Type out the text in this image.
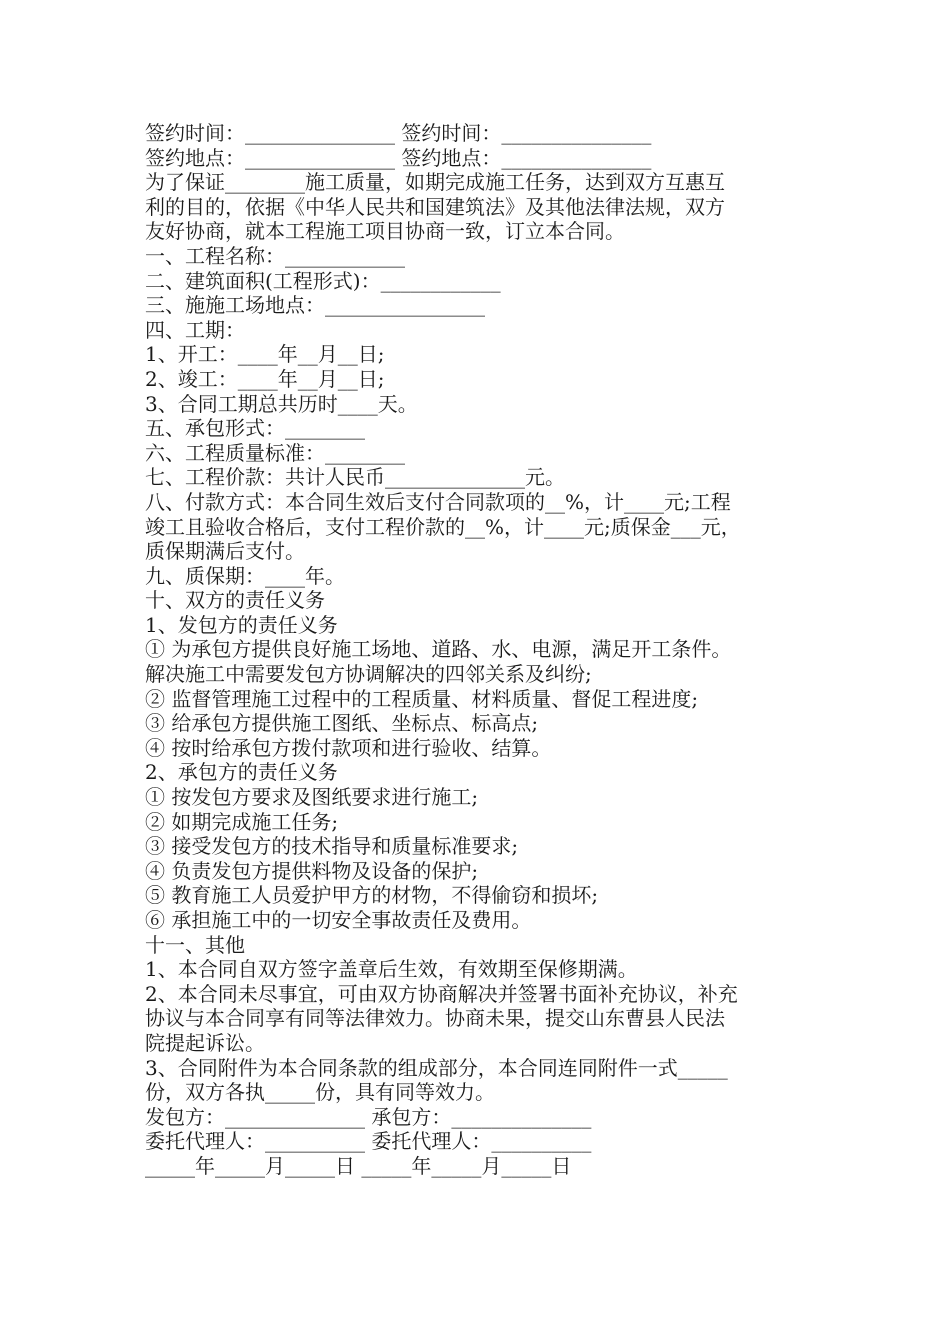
签约时间：_______________ 签约时间：_______________
签约地点：_______________ 签约地点：_______________
为了保证________施工质量，如期完成施工任务，达到双方互惠互
利的目的，依据《中华人民共和国建筑法》及其他法律法规，双方
友好协商，就本工程施工项目协商一致，订立本合同。
一、工程名称：____________
二、建筑面积(工程形式)：____________
三、施施工场地点：________________
四、工期：
1、开工：____年__月__日;
2、竣工：____年__月__日;
3、合同工期总共历时____天。
五、承包形式：________
六、工程质量标准：________
七、工程价款：共计人民币______________元。
八、付款方式：本合同生效后支付合同款项的__%，计____元;工程
竣工且验收合格后，支付工程价款的__%，计____元;质保金___元，
质保期满后支付。
九、质保期：____年。
十、双方的责任义务
1、发包方的责任义务
① 为承包方提供良好施工场地、道路、水、电源，满足开工条件。
解决施工中需要发包方协调解决的四邻关系及纠纷;
② 监督管理施工过程中的工程质量、材料质量、督促工程进度;
③ 给承包方提供施工图纸、坐标点、标高点;
④ 按时给承包方拨付款项和进行验收、结算。
2、承包方的责任义务
① 按发包方要求及图纸要求进行施工;
② 如期完成施工任务;
③ 接受发包方的技术指导和质量标准要求;
④ 负责发包方提供料物及设备的保护;
⑤ 教育施工人员爱护甲方的材物，不得偷窃和损坏;
⑥ 承担施工中的一切安全事故责任及费用。
十一、其他
1、本合同自双方签字盖章后生效，有效期至保修期满。
2、本合同未尽事宜，可由双方协商解决并签署书面补充协议，补充
协议与本合同享有同等法律效力。协商未果，提交山东曹县人民法
院提起诉讼。
3、合同附件为本合同条款的组成部分，本合同连同附件一式_____
份，双方各执_____份，具有同等效力。
发包方：______________ 承包方：______________
委托代理人：__________ 委托代理人：__________
_____年_____月_____日 _____年_____月_____日
